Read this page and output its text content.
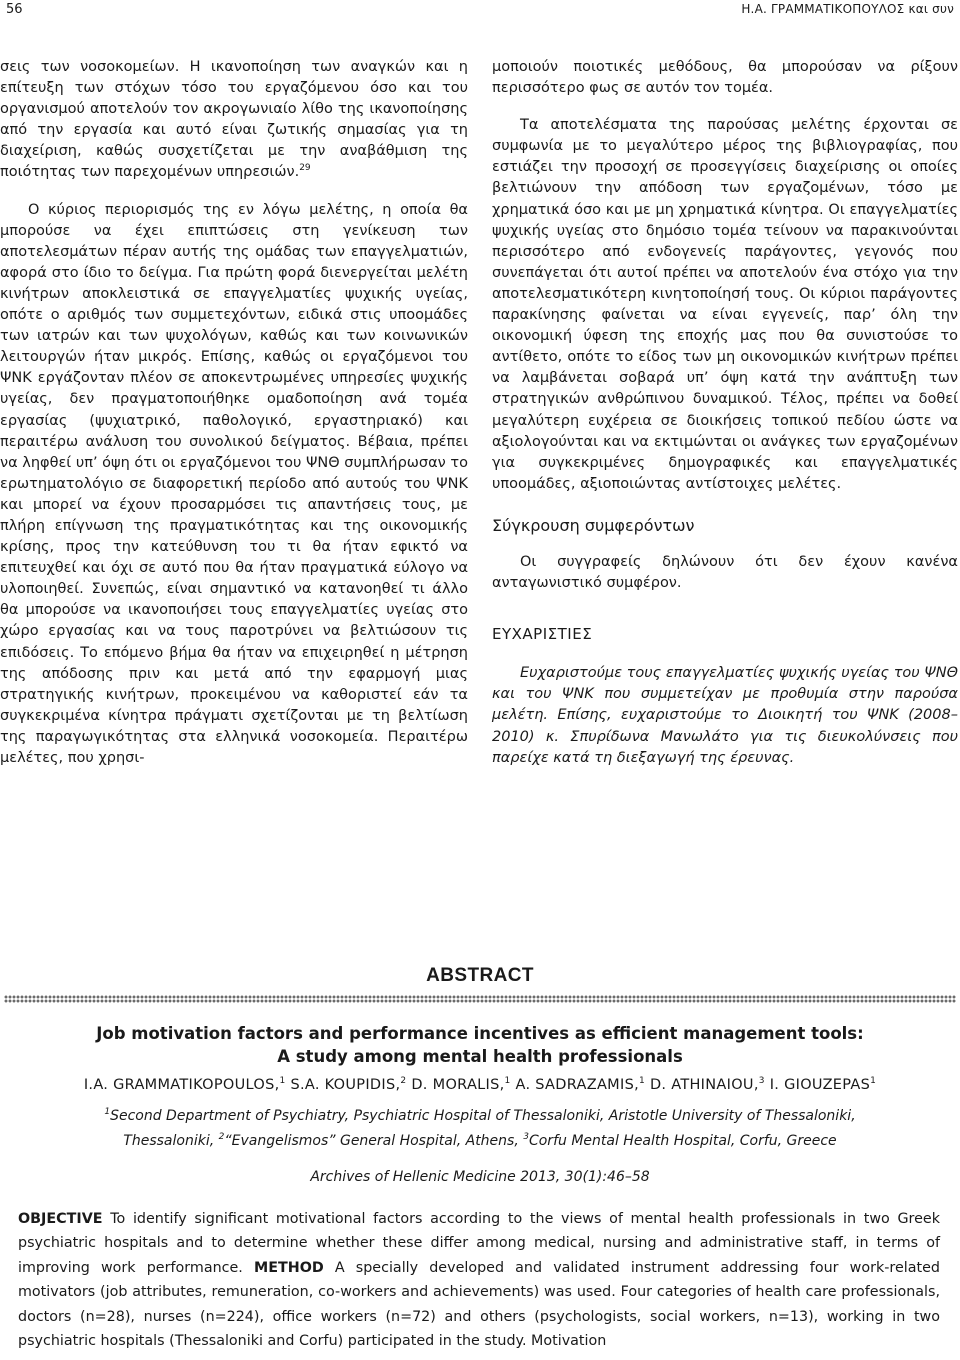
56	Η.Α. ΓΡΑΜΜΑΤΙΚΟΠΟΥΛΟΣ και συν

σεις των νοσοκομείων. Η ικανοποίηση των αναγκών και η επίτευξη των στόχων τόσο του εργαζόμενου όσο και του οργανισμού αποτελούν τον ακρογωνιαίο λίθο της ικανοποίησης από την εργασία και αυτό είναι ζωτικής σημασίας για τη διαχείριση, καθώς συσχετίζεται με την αναβάθμιση της ποιότητας των παρεχομένων υπηρεσιών.$^{29}$

Ο κύριος περιορισμός της εν λόγω μελέτης, η οποία θα μπορούσε να έχει επιπτώσεις στη γενίκευση των αποτελεσμάτων πέραν αυτής της ομάδας των επαγγελματιών, αφορά στο ίδιο το δείγμα. Για πρώτη φορά διενεργείται μελέτη κινήτρων αποκλειστικά σε επαγγελματίες ψυχικής υγείας, οπότε ο αριθμός των συμμετεχόντων, ειδικά στις υποομάδες των ιατρών και των ψυχολόγων, καθώς και των κοινωνικών λειτουργών ήταν μικρός. Επίσης, καθώς οι εργαζόμενοι του ΨΝΚ εργάζονταν πλέον σε αποκεντρωμένες υπηρεσίες ψυχικής υγείας, δεν πραγματοποιήθηκε ομαδοποίηση ανά τομέα εργασίας (ψυχιατρικό, παθολογικό, εργαστηριακό) και περαιτέρω ανάλυση του συνολικού δείγματος. Βέβαια, πρέπει να ληφθεί υπ’ όψη ότι οι εργαζόμενοι του ΨΝΘ συμπλήρωσαν το ερωτηματολόγιο σε διαφορετική περίοδο από αυτούς του ΨΝΚ και μπορεί να έχουν προσαρμόσει τις απαντήσεις τους, με πλήρη επίγνωση της πραγματικότητας και της οικονομικής κρίσης, προς την κατεύθυνση του τι θα ήταν εφικτό να επιτευχθεί και όχι σε αυτό που θα ήταν πραγματικά εύλογο να υλοποιηθεί. Συνεπώς, είναι σημαντικό να κατανοηθεί τι άλλο θα μπορούσε να ικανοποιήσει τους επαγγελματίες υγείας στο χώρο εργασίας και να τους παροτρύνει να βελτιώσουν τις επιδόσεις. Το επόμενο βήμα θα ήταν να επιχειρηθεί η μέτρηση της απόδοσης πριν και μετά από την εφαρμογή μιας στρατηγικής κινήτρων, προκειμένου να καθοριστεί εάν τα συγκεκριμένα κίνητρα πράγματι σχετίζονται με τη βελτίωση της παραγωγικότητας στα ελληνικά νοσοκομεία. Περαιτέρω μελέτες, που χρησι-

μοποιούν ποιοτικές μεθόδους, θα μπορούσαν να ρίξουν περισσότερο φως σε αυτόν τον τομέα.

Τα αποτελέσματα της παρούσας μελέτης έρχονται σε συμφωνία με το μεγαλύτερο μέρος της βιβλιογραφίας, που εστιάζει την προσοχή σε προσεγγίσεις διαχείρισης οι οποίες βελτιώνουν την απόδοση των εργαζομένων, τόσο με χρηματικά όσο και με μη χρηματικά κίνητρα. Οι επαγγελματίες ψυχικής υγείας στο δημόσιο τομέα τείνουν να παρακινούνται περισσότερο από ενδογενείς παράγοντες, γεγονός που συνεπάγεται ότι αυτοί πρέπει να αποτελούν ένα στόχο για την αποτελεσματικότερη κινητοποίησή τους. Οι κύριοι παράγοντες παρακίνησης φαίνεται να είναι εγγενείς, παρ’ όλη την οικονομική ύφεση της εποχής μας που θα συνιστούσε το αντίθετο, οπότε το είδος των μη οικονομικών κινήτρων πρέπει να λαμβάνεται σοβαρά υπ’ όψη κατά την ανάπτυξη των στρατηγικών ανθρώπινου δυναμικού. Τέλος, πρέπει να δοθεί μεγαλύτερη ευχέρεια σε διοικήσεις τοπικού πεδίου ώστε να αξιολογούνται και να εκτιμώνται οι ανάγκες των εργαζομένων για συγκεκριμένες δημογραφικές και επαγγελματικές υποομάδες, αξιοποιώντας αντίστοιχες μελέτες.

Σύγκρουση συμφερόντων

Οι συγγραφείς δηλώνουν ότι δεν έχουν κανένα ανταγωνιστικό συμφέρον.

ΕΥΧΑΡΙΣΤΙΕΣ

Ευχαριστούμε τους επαγγελματίες ψυχικής υγείας του ΨΝΘ και του ΨΝΚ που συμμετείχαν με προθυμία στην παρούσα μελέτη. Επίσης, ευχαριστούμε το Διοικητή του ΨΝΚ (2008–2010) κ. Σπυρίδωνα Μανωλάτο για τις διευκολύνσεις που παρείχε κατά τη διεξαγωγή της έρευνας.

ABSTRACT
Job motivation factors and performance incentives as efficient management tools:
A study among mental health professionals
I.A. GRAMMATIKOPOULOS,$^1$ S.A. KOUPIDIS,$^2$ D. MORALIS,$^1$ A. SADRAZAMIS,$^1$ D. ATHINAIOU,$^3$ I. GIOUZEPAS$^1$
$^1$Second Department of Psychiatry, Psychiatric Hospital of Thessaloniki, Aristotle University of Thessaloniki,
Thessaloniki, $^2$“Evangelismos” General Hospital, Athens, $^3$Corfu Mental Health Hospital, Corfu, Greece
Archives of Hellenic Medicine 2013, 30(1):46–58
OBJECTIVE To identify significant motivational factors according to the views of mental health professionals in two Greek psychiatric hospitals and to determine whether these differ among medical, nursing and administrative staff, in terms of improving work performance. METHOD A specially developed and validated instrument addressing four work-related motivators (job attributes, remuneration, co-workers and achievements) was used. Four categories of health care professionals, doctors (n=28), nurses (n=224), office workers (n=72) and others (psychologists, social workers, n=13), working in two psychiatric hospitals (Thessaloniki and Corfu) participated in the study. Motivation
